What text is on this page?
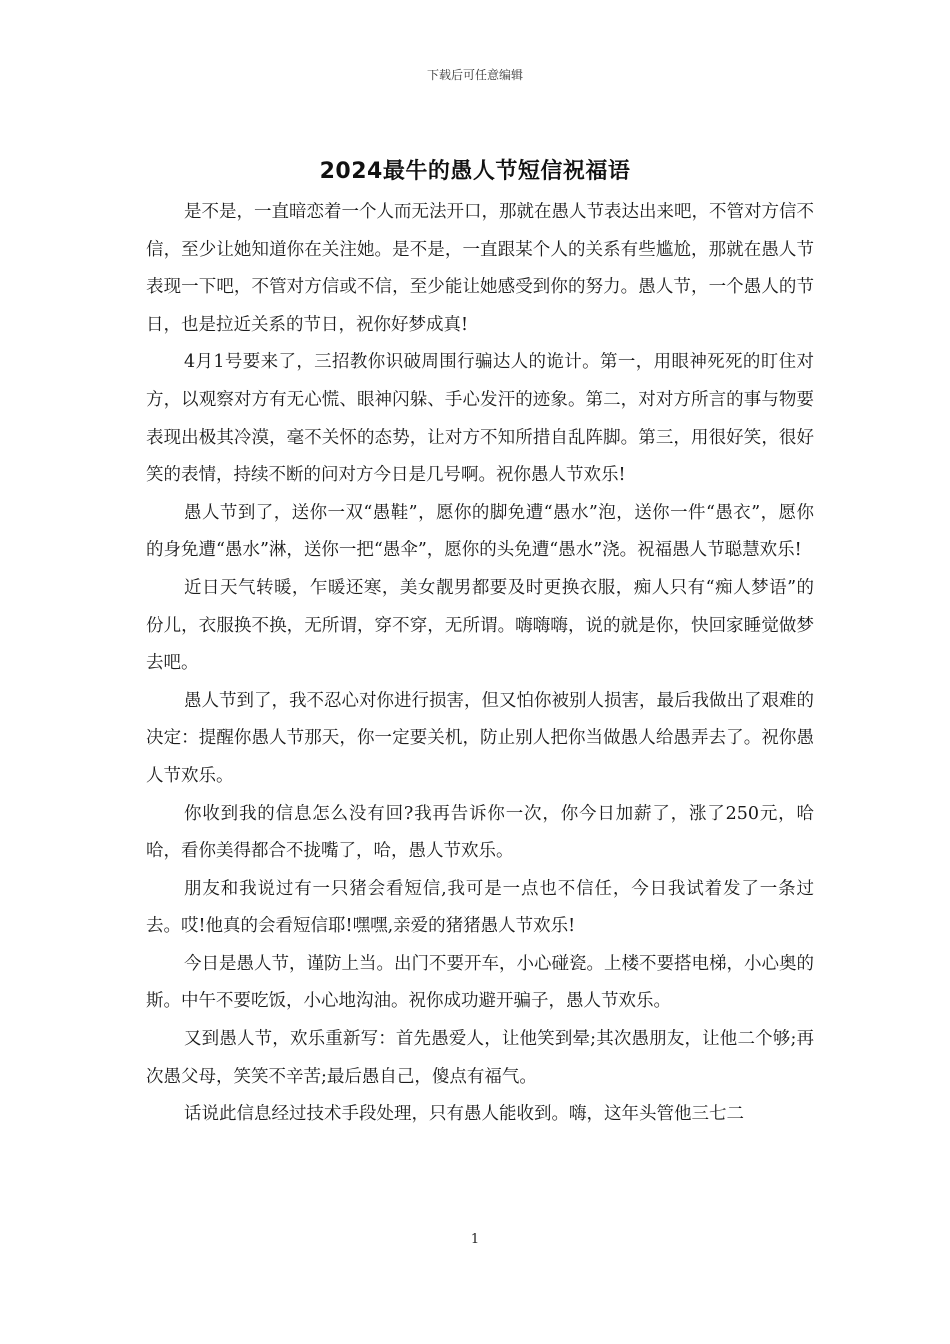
下载后可任意编辑
2024最牛的愚人节短信祝福语

是不是，一直暗恋着一个人而无法开口，那就在愚人节表达出来吧，不管对方信不信，至少让她知道你在关注她。是不是，一直跟某个人的关系有些尴尬，那就在愚人节表现一下吧，不管对方信或不信，至少能让她感受到你的努力。愚人节，一个愚人的节日，也是拉近关系的节日，祝你好梦成真!

4月1号要来了，三招教你识破周围行骗达人的诡计。第一，用眼神死死的盯住对方，以观察对方有无心慌、眼神闪躲、手心发汗的迹象。第二，对对方所言的事与物要表现出极其冷漠，毫不关怀的态势，让对方不知所措自乱阵脚。第三，用很好笑，很好笑的表情，持续不断的问对方今日是几号啊。祝你愚人节欢乐!

愚人节到了，送你一双“愚鞋”，愿你的脚免遭“愚水”泡，送你一件“愚衣”，愿你的身免遭“愚水”淋，送你一把“愚伞”，愿你的头免遭“愚水”浇。祝福愚人节聪慧欢乐!

近日天气转暖，乍暖还寒，美女靓男都要及时更换衣服，痴人只有“痴人梦语”的份儿，衣服换不换，无所谓，穿不穿，无所谓。嗨嗨嗨，说的就是你，快回家睡觉做梦去吧。

愚人节到了，我不忍心对你进行损害，但又怕你被别人损害，最后我做出了艰难的决定：提醒你愚人节那天，你一定要关机，防止别人把你当做愚人给愚弄去了。祝你愚人节欢乐。

你收到我的信息怎么没有回?我再告诉你一次，你今日加薪了，涨了250元，哈哈，看你美得都合不拢嘴了，哈，愚人节欢乐。

朋友和我说过有一只猪会看短信,我可是一点也不信任，今日我试着发了一条过去。哎!他真的会看短信耶!嘿嘿,亲爱的猪猪愚人节欢乐!

今日是愚人节，谨防上当。出门不要开车，小心碰瓷。上楼不要搭电梯，小心奥的斯。中午不要吃饭，小心地沟油。祝你成功避开骗子，愚人节欢乐。

又到愚人节，欢乐重新写：首先愚爱人，让他笑到晕;其次愚朋友，让他二个够;再次愚父母，笑笑不辛苦;最后愚自己，傻点有福气。

话说此信息经过技术手段处理，只有愚人能收到。嗨，这年头管他三七二

1
